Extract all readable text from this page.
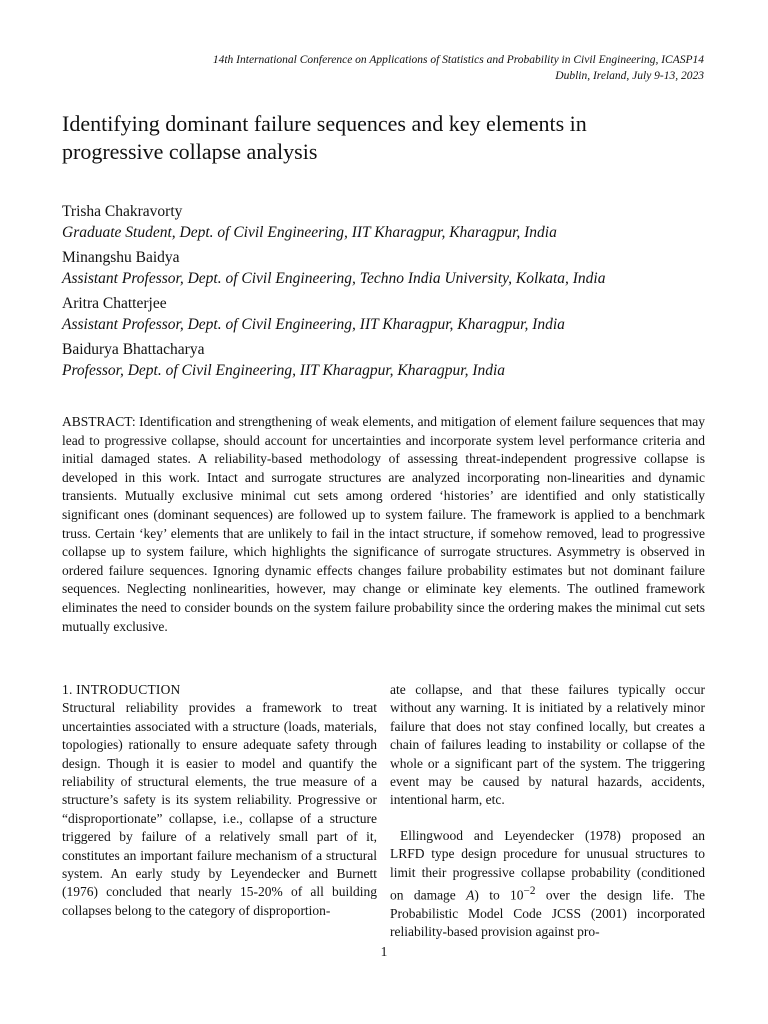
14th International Conference on Applications of Statistics and Probability in Civil Engineering, ICASP14
Dublin, Ireland, July 9-13, 2023
Identifying dominant failure sequences and key elements in
progressive collapse analysis
Trisha Chakravorty
Graduate Student, Dept. of Civil Engineering, IIT Kharagpur, Kharagpur, India
Minangshu Baidya
Assistant Professor, Dept. of Civil Engineering, Techno India University, Kolkata, India
Aritra Chatterjee
Assistant Professor, Dept. of Civil Engineering, IIT Kharagpur, Kharagpur, India
Baidurya Bhattacharya
Professor, Dept. of Civil Engineering, IIT Kharagpur, Kharagpur, India
ABSTRACT: Identification and strengthening of weak elements, and mitigation of element failure sequences that may lead to progressive collapse, should account for uncertainties and incorporate system level performance criteria and initial damaged states. A reliability-based methodology of assessing threat-independent progressive collapse is developed in this work. Intact and surrogate structures are analyzed incorporating non-linearities and dynamic transients. Mutually exclusive minimal cut sets among ordered ‘histories’ are identified and only statistically significant ones (dominant sequences) are followed up to system failure. The framework is applied to a benchmark truss. Certain ‘key’ elements that are unlikely to fail in the intact structure, if somehow removed, lead to progressive collapse up to system failure, which highlights the significance of surrogate structures. Asymmetry is observed in ordered failure sequences. Ignoring dynamic effects changes failure probability estimates but not dominant failure sequences. Neglecting nonlinearities, however, may change or eliminate key elements. The outlined framework eliminates the need to consider bounds on the system failure probability since the ordering makes the minimal cut sets mutually exclusive.
1. INTRODUCTION

Structural reliability provides a framework to treat uncertainties associated with a structure (loads, materials, topologies) rationally to ensure adequate safety through design. Though it is easier to model and quantify the reliability of structural elements, the true measure of a structure’s safety is its system reliability. Progressive or “disproportionate” collapse, i.e., collapse of a structure triggered by failure of a relatively small part of it, constitutes an important failure mechanism of a structural system. An early study by Leyendecker and Burnett (1976) concluded that nearly 15-20% of all building collapses belong to the category of disproportion-

ate collapse, and that these failures typically occur without any warning. It is initiated by a relatively minor failure that does not stay confined locally, but creates a chain of failures leading to instability or collapse of the whole or a significant part of the system. The triggering event may be caused by natural hazards, accidents, intentional harm, etc.

Ellingwood and Leyendecker (1978) proposed an LRFD type design procedure for unusual structures to limit their progressive collapse probability (conditioned on damage A) to $10^{-2}$ over the design life. The Probabilistic Model Code JCSS (2001) incorporated reliability-based provision against pro-

1
